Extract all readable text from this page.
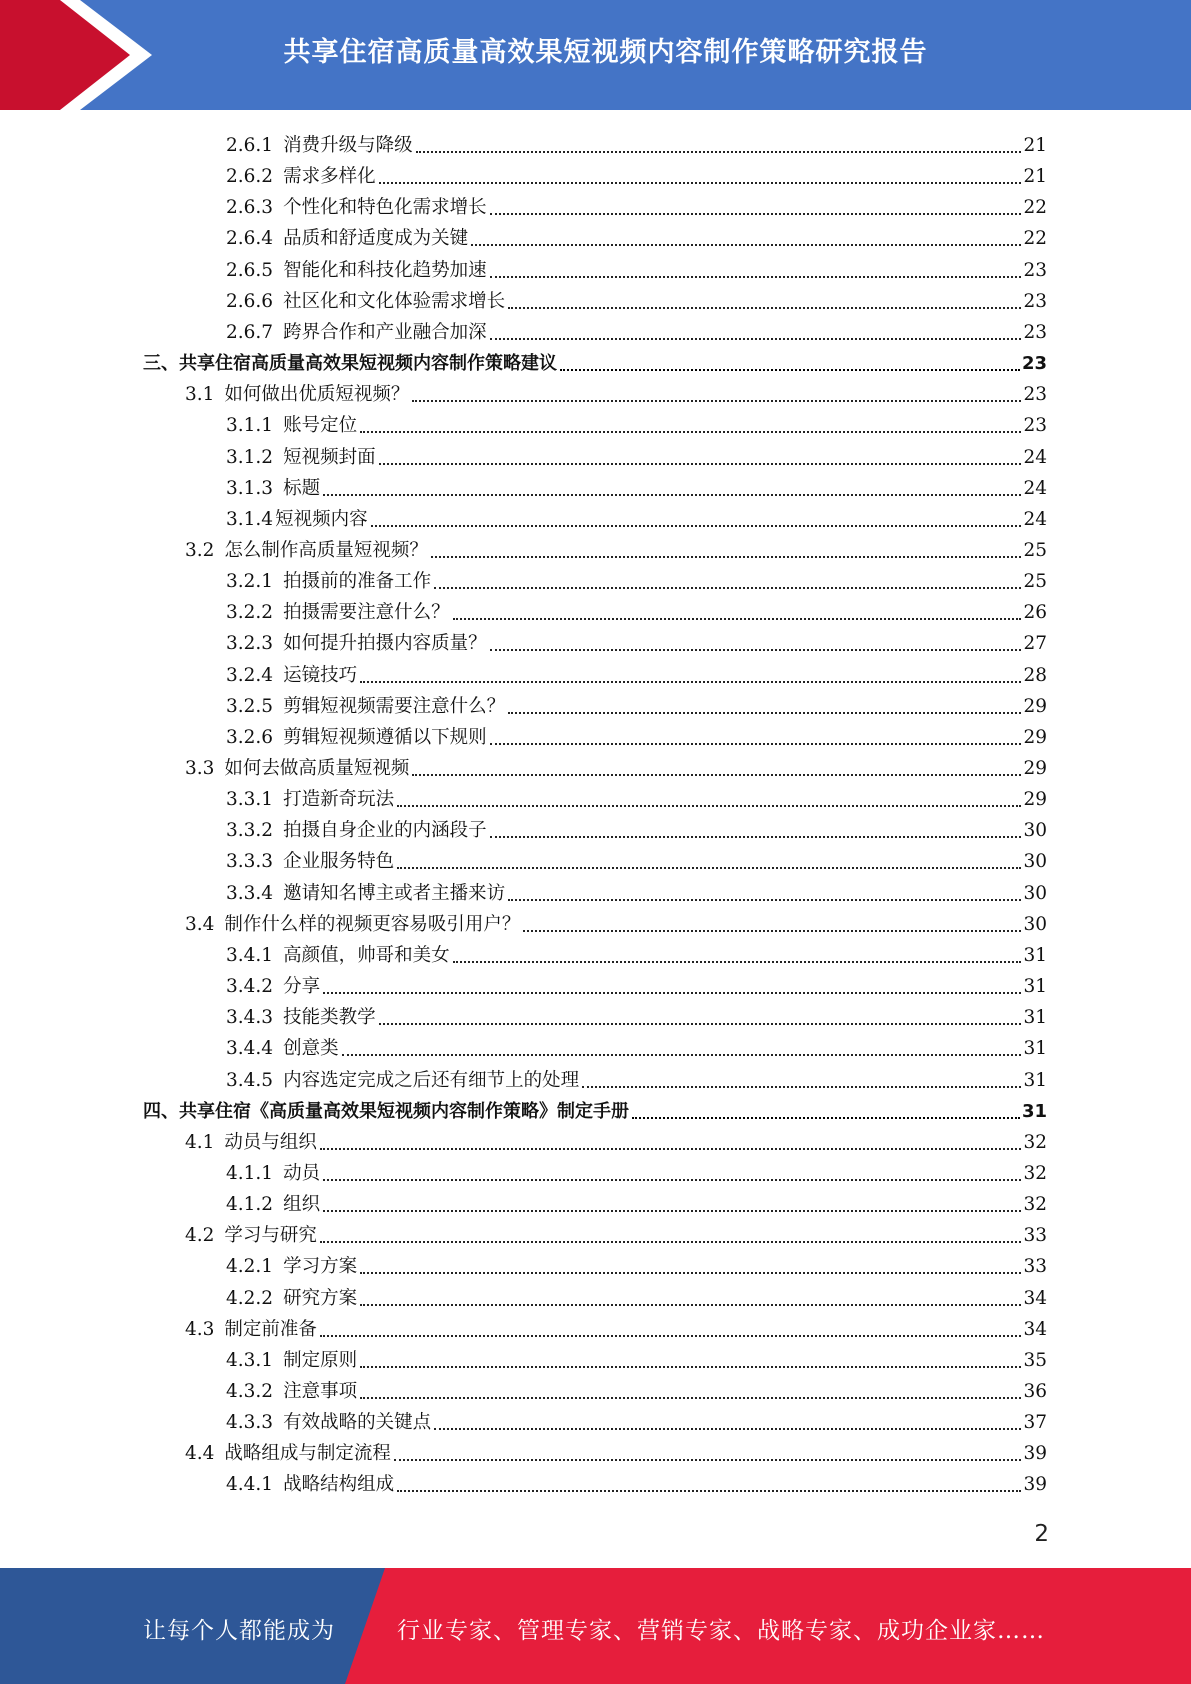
共享住宿高质量高效果短视频内容制作策略研究报告
2.6.1 消费升级与降级	21
2.6.2 需求多样化	21
2.6.3 个性化和特色化需求增长	22
2.6.4 品质和舒适度成为关键	22
2.6.5 智能化和科技化趋势加速	23
2.6.6 社区化和文化体验需求增长	23
2.6.7 跨界合作和产业融合加深	23
三、 共享住宿高质量高效果短视频内容制作策略建议	23
3.1 如何做出优质短视频？	23
3.1.1 账号定位	23
3.1.2 短视频封面	24
3.1.3 标题	24
3.1.4 短视频内容	24
3.2 怎么制作高质量短视频？	25
3.2.1 拍摄前的准备工作	25
3.2.2 拍摄需要注意什么？	26
3.2.3 如何提升拍摄内容质量？	27
3.2.4 运镜技巧	28
3.2.5 剪辑短视频需要注意什么？	29
3.2.6 剪辑短视频遵循以下规则	29
3.3 如何去做高质量短视频	29
3.3.1 打造新奇玩法	29
3.3.2 拍摄自身企业的内涵段子	30
3.3.3 企业服务特色	30
3.3.4 邀请知名博主或者主播来访	30
3.4 制作什么样的视频更容易吸引用户？	30
3.4.1 高颜值，帅哥和美女	31
3.4.2 分享	31
3.4.3 技能类教学	31
3.4.4 创意类	31
3.4.5 内容选定完成之后还有细节上的处理	31
四、 共享住宿《高质量高效果短视频内容制作策略》制定手册	31
4.1 动员与组织	32
4.1.1 动员	32
4.1.2 组织	32
4.2 学习与研究	33
4.2.1 学习方案	33
4.2.2 研究方案	34
4.3 制定前准备	34
4.3.1 制定原则	35
4.3.2 注意事项	36
4.3.3 有效战略的关键点	37
4.4 战略组成与制定流程	39
4.4.1 战略结构组成	39
2
让每个人都能成为	行业专家、管理专家、营销专家、战略专家、成功企业家……
